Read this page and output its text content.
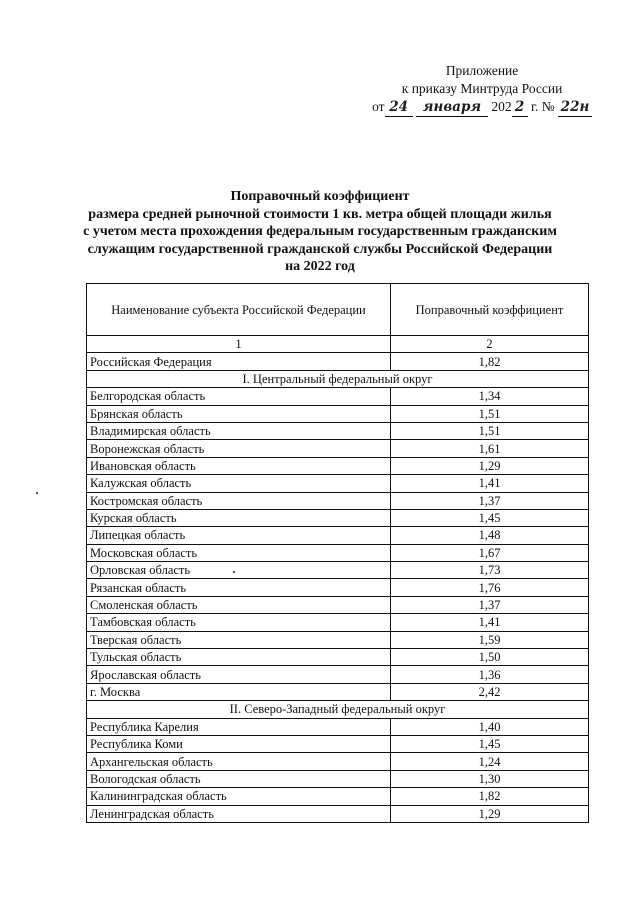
Приложение
к приказу Минтруда России
от 24 января 202 2 г. № 22н
Поправочный коэффициент
размера средней рыночной стоимости 1 кв. метра общей площади жилья
с учетом места прохождения федеральным государственным гражданским
служащим государственной гражданской службы Российской Федерации
на 2022 год
Наименование субъекта Российской Федерации	Поправочный коэффициент
1	2
Российская Федерация	1,82
I. Центральный федеральный округ	
Белгородская область	1,34
Брянская область	1,51
Владимирская область	1,51
Воронежская область	1,61
Ивановская область	1,29
Калужская область	1,41
Костромская область	1,37
Курская область	1,45
Липецкая область	1,48
Московская область	1,67
Орловская область	1,73
Рязанская область	1,76
Смоленская область	1,37
Тамбовская область	1,41
Тверская область	1,59
Тульская область	1,50
Ярославская область	1,36
г. Москва	2,42
II. Северо-Западный федеральный округ	
Республика Карелия	1,40
Республика Коми	1,45
Архангельская область	1,24
Вологодская область	1,30
Калининградская область	1,82
Ленинградская область	1,29
